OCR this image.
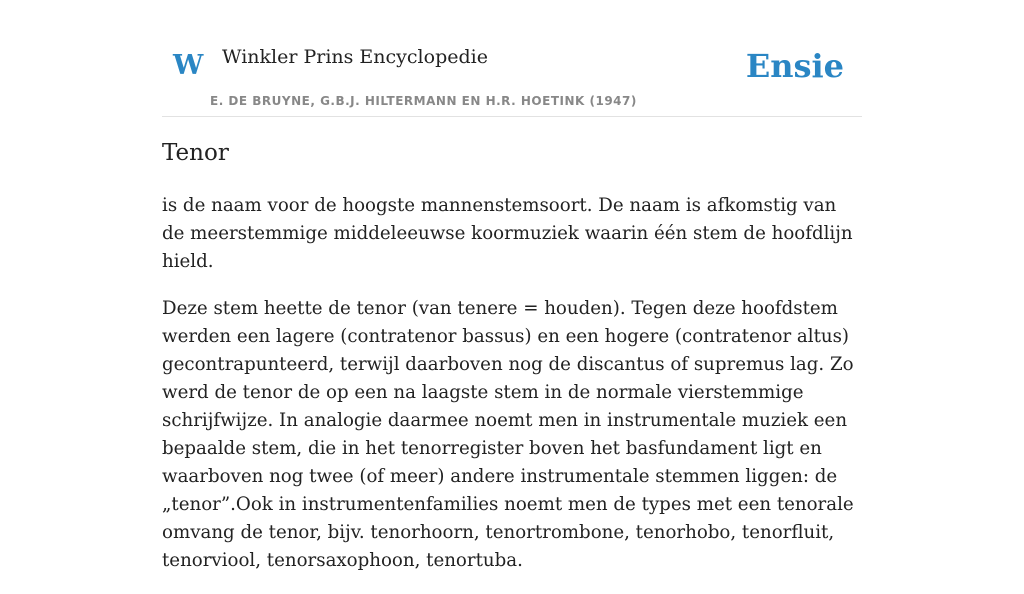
W Winkler Prins Encyclopedie
E. DE BRUYNE, G.B.J. HILTERMANN EN H.R. HOETINK (1947)
Ensie
Tenor

is de naam voor de hoogste mannenstemsoort. De naam is afkomstig van de meerstemmige middeleeuwse koormuziek waarin één stem de hoofdlijn hield.

Deze stem heette de tenor (van tenere = houden). Tegen deze hoofdstem werden een lagere (contratenor bassus) en een hogere (contratenor altus) gecontrapunteerd, terwijl daarboven nog de discantus of supremus lag. Zo werd de tenor de op een na laagste stem in de normale vierstemmige schrijfwijze. In analogie daarmee noemt men in instrumentale muziek een bepaalde stem, die in het tenorregister boven het basfundament ligt en waarboven nog twee (of meer) andere instrumentale stemmen liggen: de „tenor”.Ook in instrumentenfamilies noemt men de types met een tenorale omvang de tenor, bijv. tenorhoorn, tenortrombone, tenorhobo, tenorfluit, tenorviool, tenorsaxophoon, tenortuba.
